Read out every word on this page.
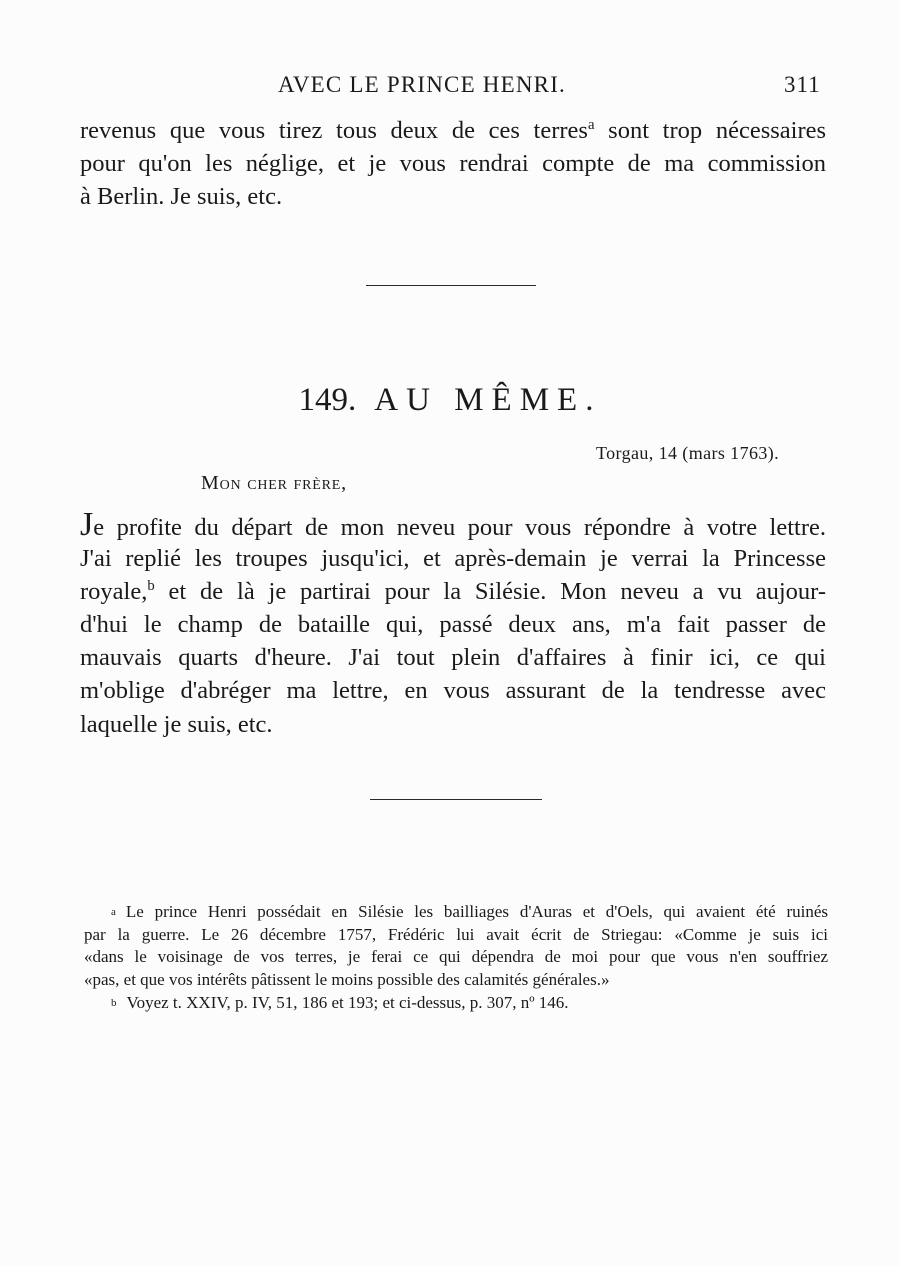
AVEC LE PRINCE HENRI.	311
revenus que vous tirez tous deux de ces terres$^a$ sont trop nécessaires
pour qu'on les néglige, et je vous rendrai compte de ma commission
à Berlin. Je suis, etc.
149. AU MÊME.
Torgau, 14 (mars 1763).
Mon cher frère,
Je profite du départ de mon neveu pour vous répondre à votre lettre.
J'ai replié les troupes jusqu'ici, et après-demain je verrai la Princesse
royale,$^b$ et de là je partirai pour la Silésie. Mon neveu a vu aujour-
d'hui le champ de bataille qui, passé deux ans, m'a fait passer de
mauvais quarts d'heure. J'ai tout plein d'affaires à finir ici, ce qui
m'oblige d'abréger ma lettre, en vous assurant de la tendresse avec
laquelle je suis, etc.
a Le prince Henri possédait en Silésie les bailliages d'Auras et d'Oels, qui avaient été ruinés
par la guerre. Le 26 décembre 1757, Frédéric lui avait écrit de Striegau: «Comme je suis ici
«dans le voisinage de vos terres, je ferai ce qui dépendra de moi pour que vous n'en souffriez
«pas, et que vos intérêts pâtissent le moins possible des calamités générales.»
b Voyez t. XXIV, p. IV, 51, 186 et 193; et ci-dessus, p. 307, nº 146.
